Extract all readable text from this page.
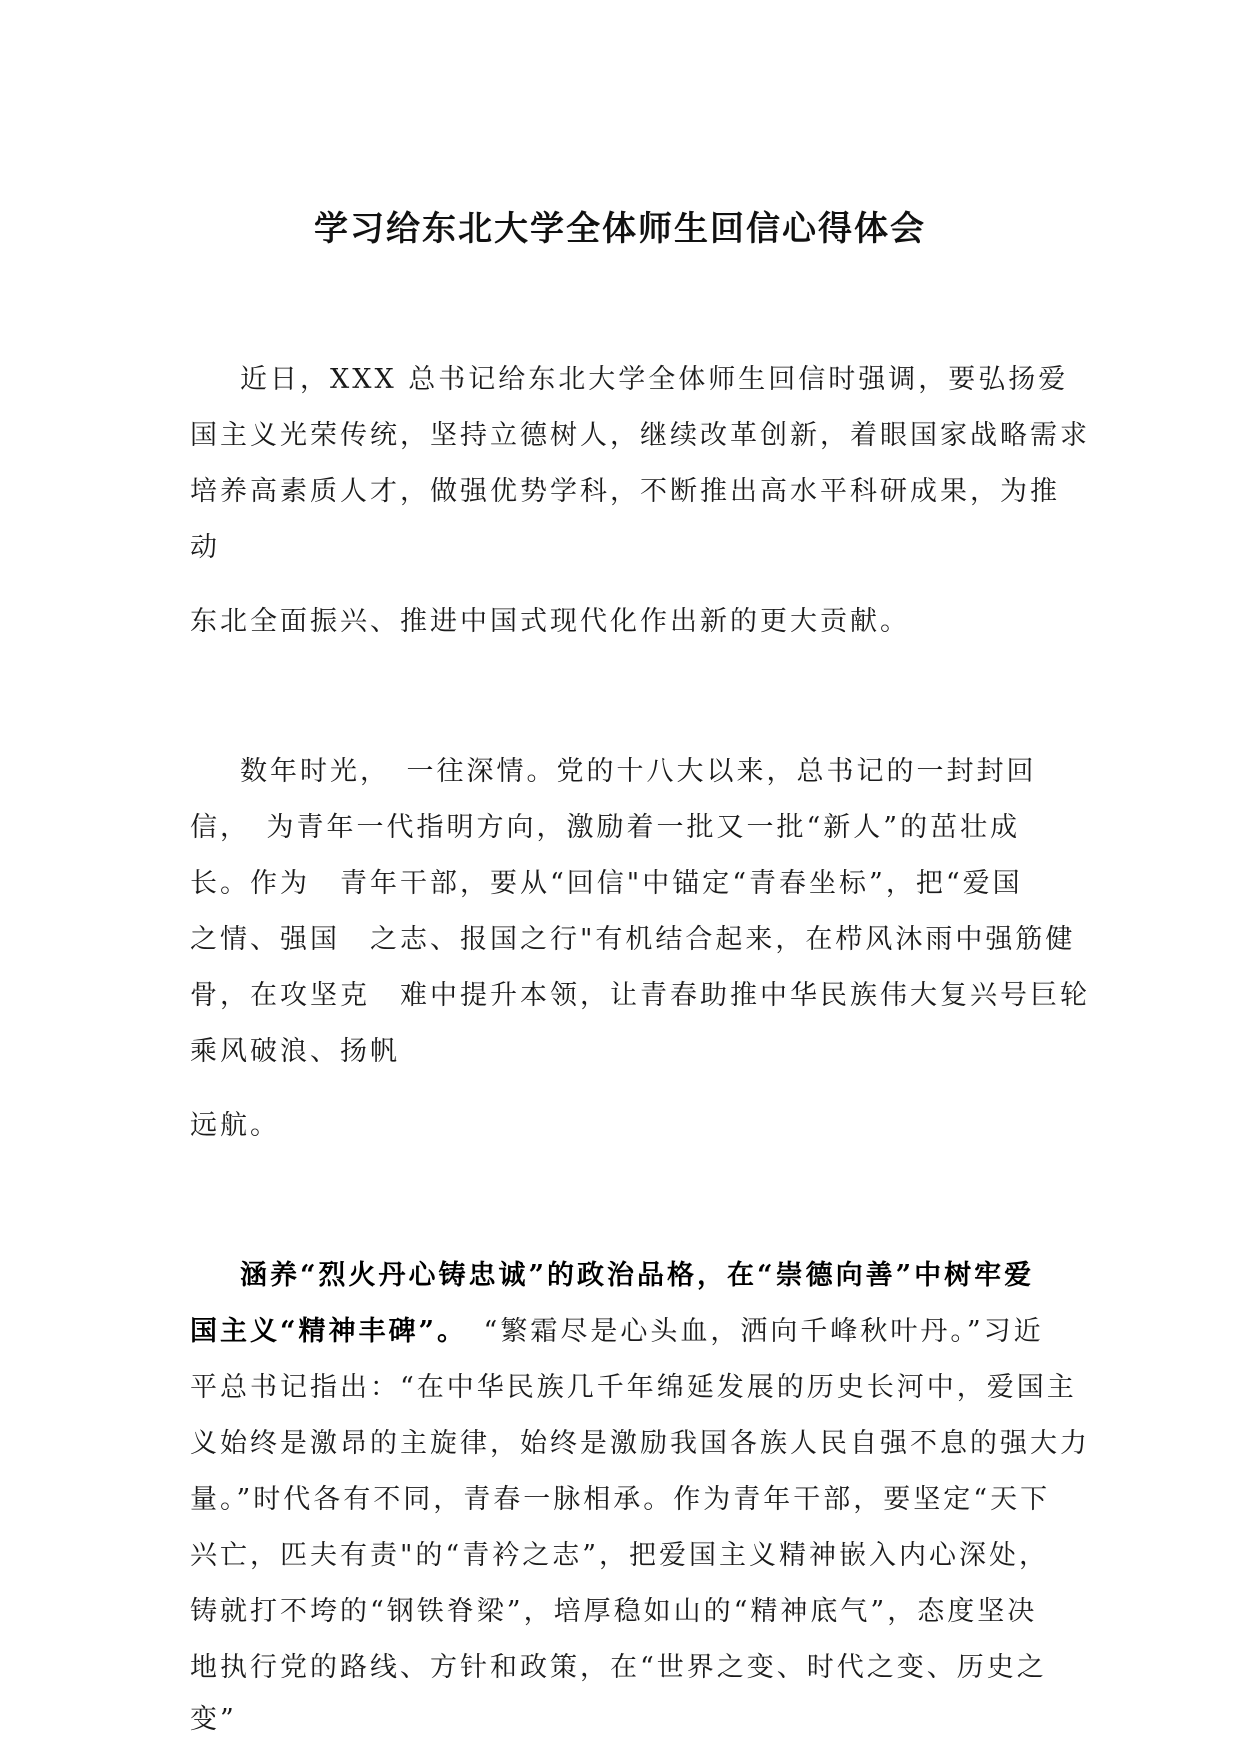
学习给东北大学全体师生回信心得体会
近日，XXX 总书记给东北大学全体师生回信时强调，要弘扬爱
国主义光荣传统，坚持立德树人，继续改革创新，着眼国家战略需求
培养高素质人才，做强优势学科，不断推出高水平科研成果，为推
动
东北全面振兴、推进中国式现代化作出新的更大贡献。
数年时光，　一往深情。党的十八大以来，总书记的一封封回
信，　为青年一代指明方向，激励着一批又一批“新人”的茁壮成
长。作为　青年干部，要从“回信"中锚定“青春坐标”，把“爱国
之情、强国　之志、报国之行"有机结合起来，在栉风沐雨中强筋健
骨，在攻坚克　难中提升本领，让青春助推中华民族伟大复兴号巨轮
乘风破浪、扬帆
远航。
涵养“烈火丹心铸忠诚”的政治品格，在“崇德向善”中树牢爱
国主义“精神丰碑”。　“繁霜尽是心头血，洒向千峰秋叶丹。”习近
平总书记指出：“在中华民族几千年绵延发展的历史长河中，爱国主
义始终是激昂的主旋律，始终是激励我国各族人民自强不息的强大力
量。”时代各有不同，青春一脉相承。作为青年干部，要坚定“天下
兴亡，匹夫有责"的“青衿之志”，把爱国主义精神嵌入内心深处，
铸就打不垮的“钢铁脊梁”，培厚稳如山的“精神底气”，态度坚决
地执行党的路线、方针和政策，在“世界之变、时代之变、历史之
变”
